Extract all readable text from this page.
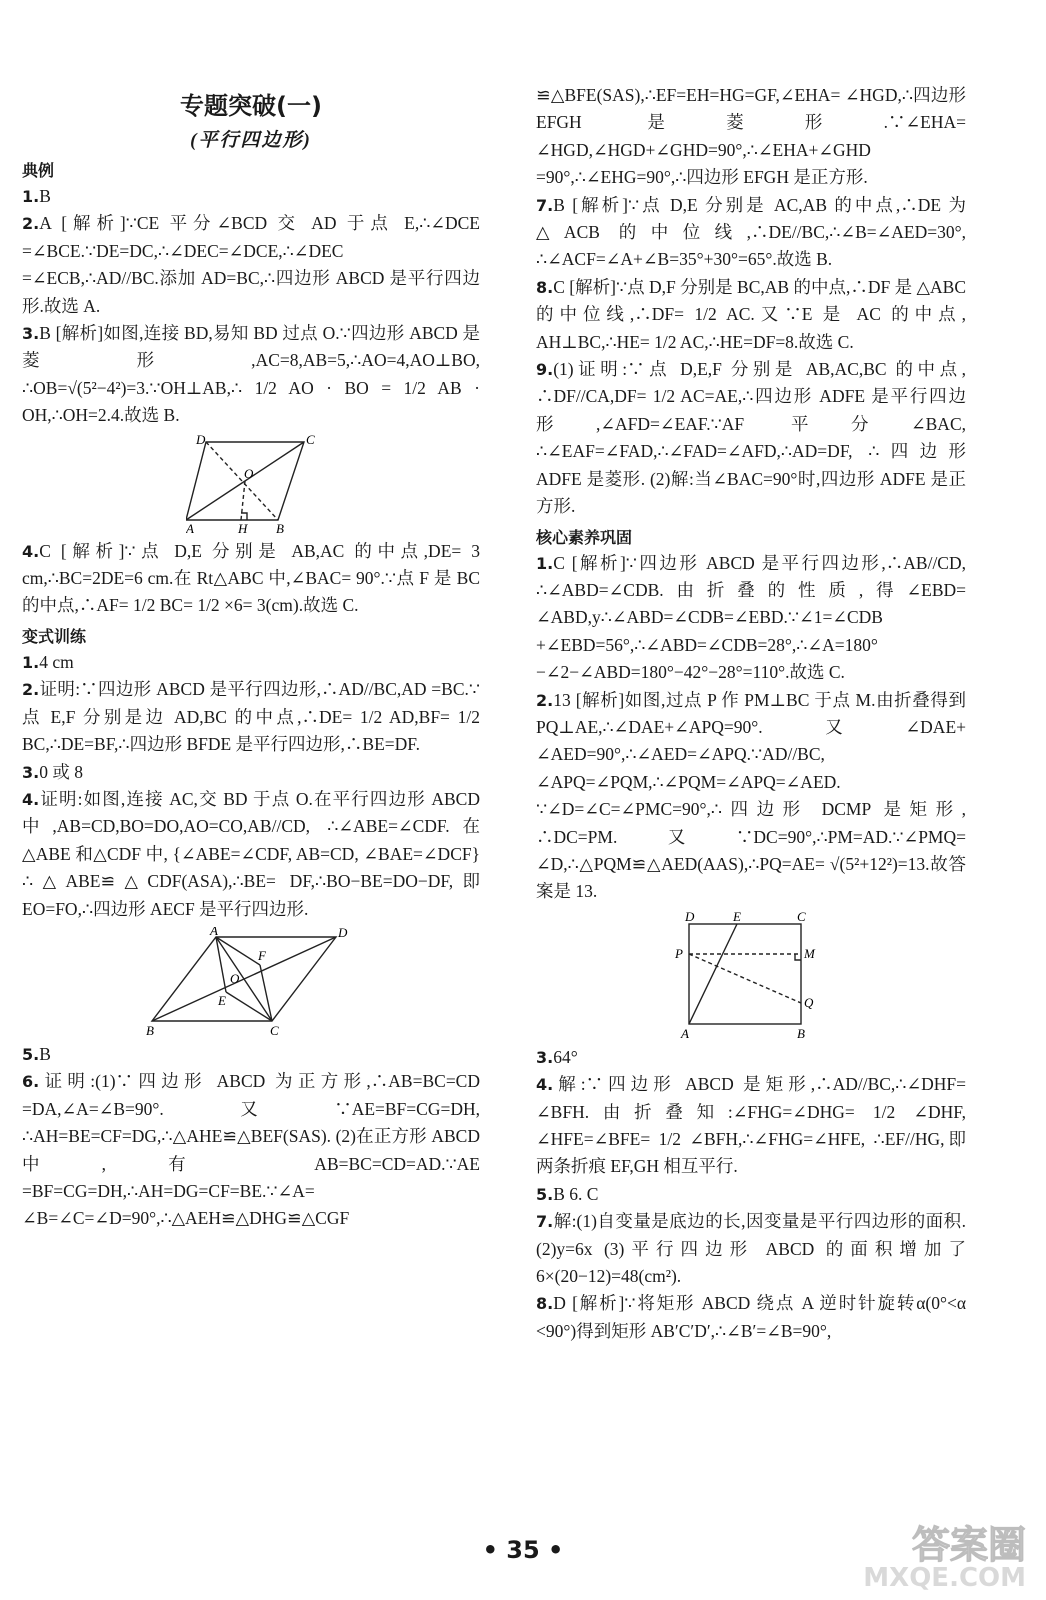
专题突破(一)
(平行四边形)
典例

1.B

2.A [解析]∵CE 平分∠BCD 交 AD 于点 E,∴∠DCE =∠BCE.∵DE=DC,∴∠DEC=∠DCE,∴∠DEC =∠ECB,∴AD//BC.添加 AD=BC,∴四边形 ABCD 是平行四边形.故选 A.

3.B [解析]如图,连接 BD,易知 BD 过点 O.∵四边形 ABCD 是菱形,AC=8,AB=5,∴AO=4,AO⊥BO, ∴OB=√(5²−4²)=3.∵OH⊥AB,∴ 1/2 AO · BO = 1/2 AB · OH,∴OH=2.4.故选 B.

D	C
O
A	H B

4.C [解析]∵点 D,E 分别是 AB,AC 的中点,DE= 3 cm,∴BC=2DE=6 cm.在 Rt△ABC 中,∠BAC= 90°.∵点 F 是 BC 的中点,∴AF= 1/2 BC= 1/2 ×6= 3(cm).故选 C.

变式训练

1.4 cm

2.证明:∵四边形 ABCD 是平行四边形,∴AD//BC,AD =BC.∵点 E,F 分别是边 AD,BC 的中点,∴DE= 1/2 AD,BF= 1/2 BC,∴DE=BF,∴四边形 BFDE 是平行四边形,∴BE=DF.

3.0 或 8

4.证明:如图,连接 AC,交 BD 于点 O.在平行四边形 ABCD 中,AB=CD,BO=DO,AO=CO,AB//CD, ∴∠ABE=∠CDF.在△ABE 和△CDF 中, {∠ABE=∠CDF, AB=CD, ∠BAE=∠DCF} ∴△ABE≌△CDF(ASA),∴BE= DF,∴BO−BE=DO−DF,即 EO=FO,∴四边形 AECF 是平行四边形.

A	D
F
O
E
B	C

5.B

6.证明:(1)∵四边形 ABCD 为正方形,∴AB=BC=CD =DA,∠A=∠B=90°.又∵AE=BF=CG=DH, ∴AH=BE=CF=DG,∴△AHE≌△BEF(SAS). (2)在正方形 ABCD 中,有 AB=BC=CD=AD.∵AE =BF=CG=DH,∴AH=DG=CF=BE.∵∠A= ∠B=∠C=∠D=90°,∴△AEH≌△DHG≌△CGF

≌△BFE(SAS),∴EF=EH=HG=GF,∠EHA= ∠HGD,∴四边形 EFGH 是菱形.∵∠EHA= ∠HGD,∠HGD+∠GHD=90°,∴∠EHA+∠GHD =90°,∴∠EHG=90°,∴四边形 EFGH 是正方形.

7.B [解析]∵点 D,E 分别是 AC,AB 的中点,∴DE 为 △ACB 的中位线,∴DE//BC,∴∠B=∠AED=30°, ∴∠ACF=∠A+∠B=35°+30°=65°.故选 B.

8.C [解析]∵点 D,F 分别是 BC,AB 的中点,∴DF 是 △ABC 的中位线,∴DF= 1/2 AC.又∵E 是 AC 的中点, AH⊥BC,∴HE= 1/2 AC,∴HE=DF=8.故选 C.

9.(1)证明:∵点 D,E,F 分别是 AB,AC,BC 的中点, ∴DF//CA,DF= 1/2 AC=AE,∴四边形 ADFE 是平行四边形,∠AFD=∠EAF.∵AF 平分∠BAC, ∴∠EAF=∠FAD,∴∠FAD=∠AFD,∴AD=DF, ∴四边形 ADFE 是菱形. (2)解:当∠BAC=90°时,四边形 ADFE 是正方形.

核心素养巩固

1.C [解析]∵四边形 ABCD 是平行四边形,∴AB//CD, ∴∠ABD=∠CDB.由折叠的性质,得∠EBD= ∠ABD,y∴∠ABD=∠CDB=∠EBD.∵∠1=∠CDB +∠EBD=56°,∴∠ABD=∠CDB=28°,∴∠A=180° −∠2−∠ABD=180°−42°−28°=110°.故选 C.

2.13 [解析]如图,过点 P 作 PM⊥BC 于点 M.由折叠得到 PQ⊥AE,∴∠DAE+∠APQ=90°.又∠DAE+ ∠AED=90°,∴∠AED=∠APQ.∵AD//BC, ∠APQ=∠PQM,∴∠PQM=∠APQ=∠AED. ∵∠D=∠C=∠PMC=90°,∴四边形 DCMP 是矩形, ∴DC=PM.又∵DC=90°,∴PM=AD.∵∠PMQ= ∠D,∴△PQM≌△AED(AAS),∴PQ=AE= √(5²+12²)=13.故答案是 13.

D	E	C
P	M
Q
A	B

3.64°

4.解:∵四边形 ABCD 是矩形,∴AD//BC,∴∠DHF= ∠BFH.由折叠知:∠FHG=∠DHG= 1/2 ∠DHF, ∠HFE=∠BFE= 1/2 ∠BFH,∴∠FHG=∠HFE, ∴EF//HG,即两条折痕 EF,GH 相互平行.

5.B 6. C

7.解:(1)自变量是底边的长,因变量是平行四边形的面积. (2)y=6x (3)平行四边形 ABCD 的面积增加了 6×(20−12)=48(cm²).

8.D [解析]∵将矩形 ABCD 绕点 A 逆时针旋转α(0°<α <90°)得到矩形 AB′C′D′,∴∠B′=∠B=90°,

• 35 •	答案圈
MXQE.COM
